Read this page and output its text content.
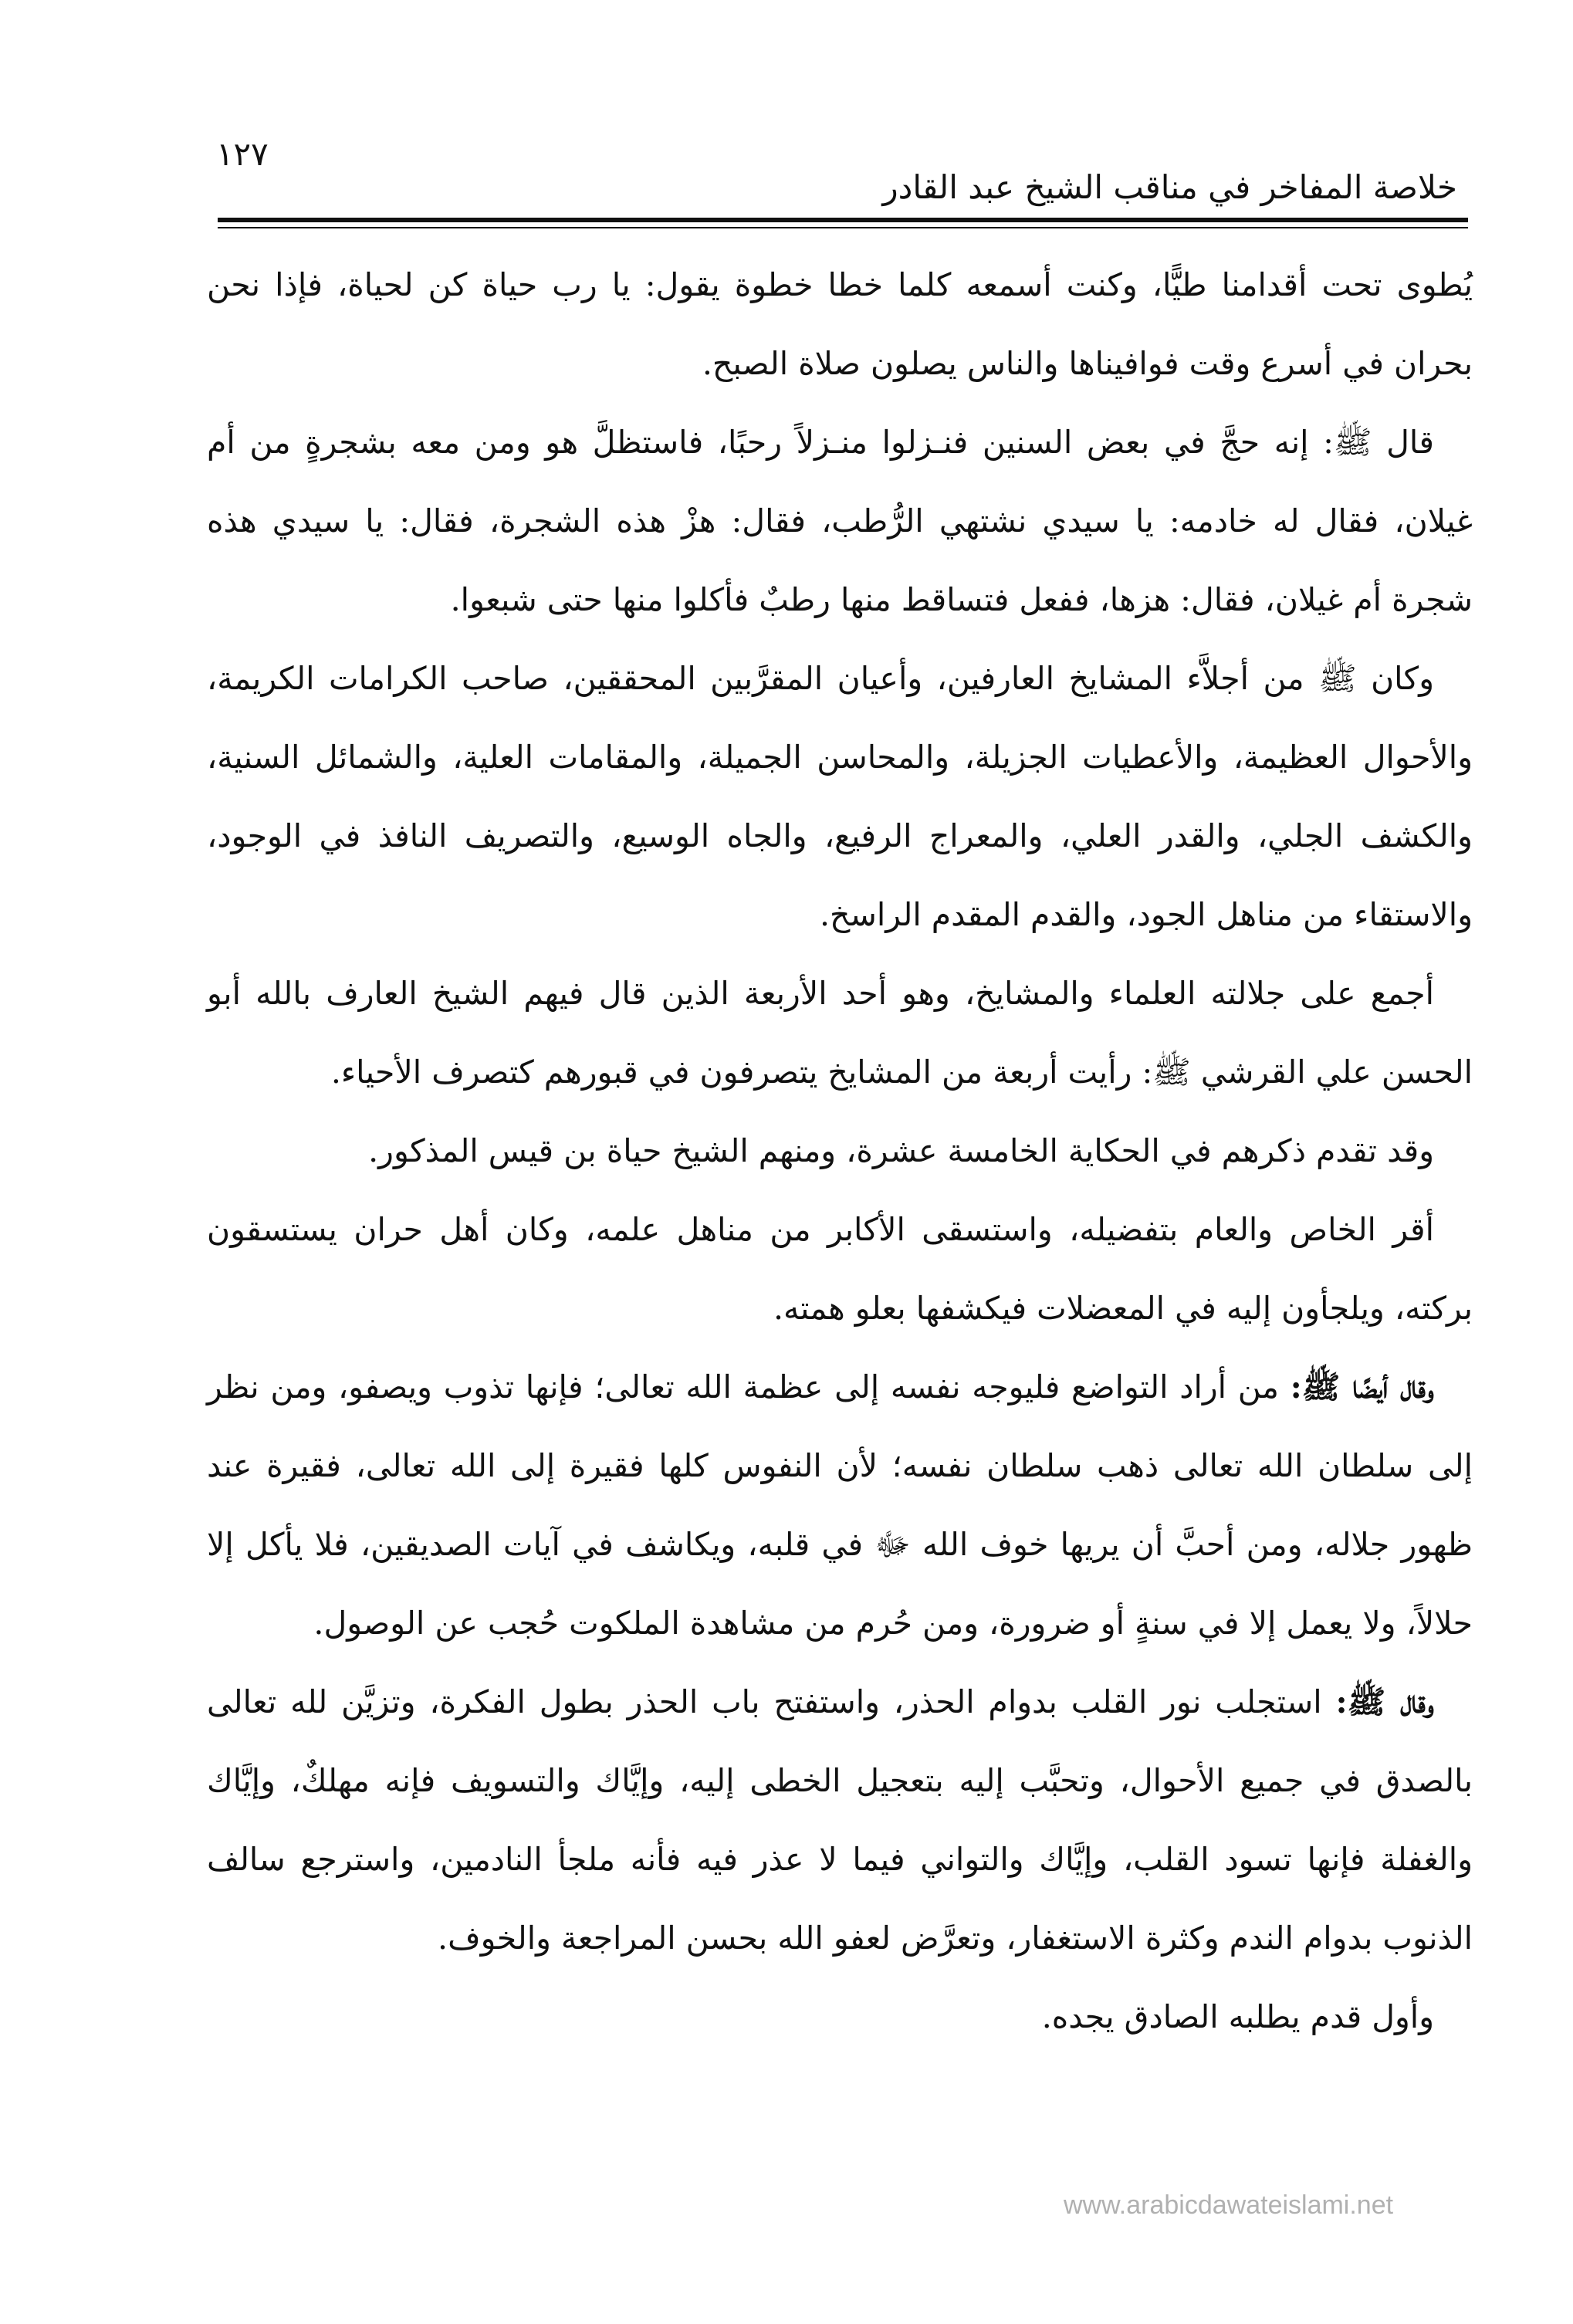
١٢٧
خلاصة المفاخر في مناقب الشيخ عبد القادر

يُطوى تحت أقدامنا طيًّا، وكنت أسمعه كلما خطا خطوة يقول: يا رب حياة كن لحياة، فإذا نحن بحران في أسرع وقت فوافيناها والناس يصلون صلاة الصبح.

قال ﷺ: إنه حجَّ في بعض السنين فنـزلوا منـزلاً رحبًا، فاستظلَّ هو ومن معه بشجرةٍ من أم غيلان، فقال له خادمه: يا سيدي نشتهي الرُّطب، فقال: هزْ هذه الشجرة، فقال: يا سيدي هذه شجرة أم غيلان، فقال: هزها، ففعل فتساقط منها رطبٌ فأكلوا منها حتى شبعوا.

وكان ﷺ من أجلاَّء المشايخ العارفين، وأعيان المقرَّبين المحققين، صاحب الكرامات الكريمة، والأحوال العظيمة، والأعطيات الجزيلة، والمحاسن الجميلة، والمقامات العلية، والشمائل السنية، والكشف الجلي، والقدر العلي، والمعراج الرفيع، والجاه الوسيع، والتصريف النافذ في الوجود، والاستقاء من مناهل الجود، والقدم المقدم الراسخ.

أجمع على جلالته العلماء والمشايخ، وهو أحد الأربعة الذين قال فيهم الشيخ العارف بالله أبو الحسن علي القرشي ﷺ: رأيت أربعة من المشايخ يتصرفون في قبورهم كتصرف الأحياء.

وقد تقدم ذكرهم في الحكاية الخامسة عشرة، ومنهم الشيخ حياة بن قيس المذكور.

أقر الخاص والعام بتفضيله، واستسقى الأكابر من مناهل علمه، وكان أهل حران يستسقون بركته، ويلجأون إليه في المعضلات فيكشفها بعلو همته.

وقال أيضًا ﷺ: من أراد التواضع فليوجه نفسه إلى عظمة الله تعالى؛ فإنها تذوب ويصفو، ومن نظر إلى سلطان الله تعالى ذهب سلطان نفسه؛ لأن النفوس كلها فقيرة إلى الله تعالى، فقيرة عند ظهور جلاله، ومن أحبَّ أن يريها خوف الله ﷻ في قلبه، ويكاشف في آيات الصديقين، فلا يأكل إلا حلالاً، ولا يعمل إلا في سنةٍ أو ضرورة، ومن حُرم من مشاهدة الملكوت حُجب عن الوصول.

وقال ﷺ: استجلب نور القلب بدوام الحذر، واستفتح باب الحذر بطول الفكرة، وتزيَّن لله تعالى بالصدق في جميع الأحوال، وتحبَّب إليه بتعجيل الخطى إليه، وإيَّاك والتسويف فإنه مهلكٌ، وإيَّاك والغفلة فإنها تسود القلب، وإيَّاك والتواني فيما لا عذر فيه فأنه ملجأ النادمين، واسترجع سالف الذنوب بدوام الندم وكثرة الاستغفار، وتعرَّض لعفو الله بحسن المراجعة والخوف.

وأول قدم يطلبه الصادق يجده.

www.arabicdawateislami.net
